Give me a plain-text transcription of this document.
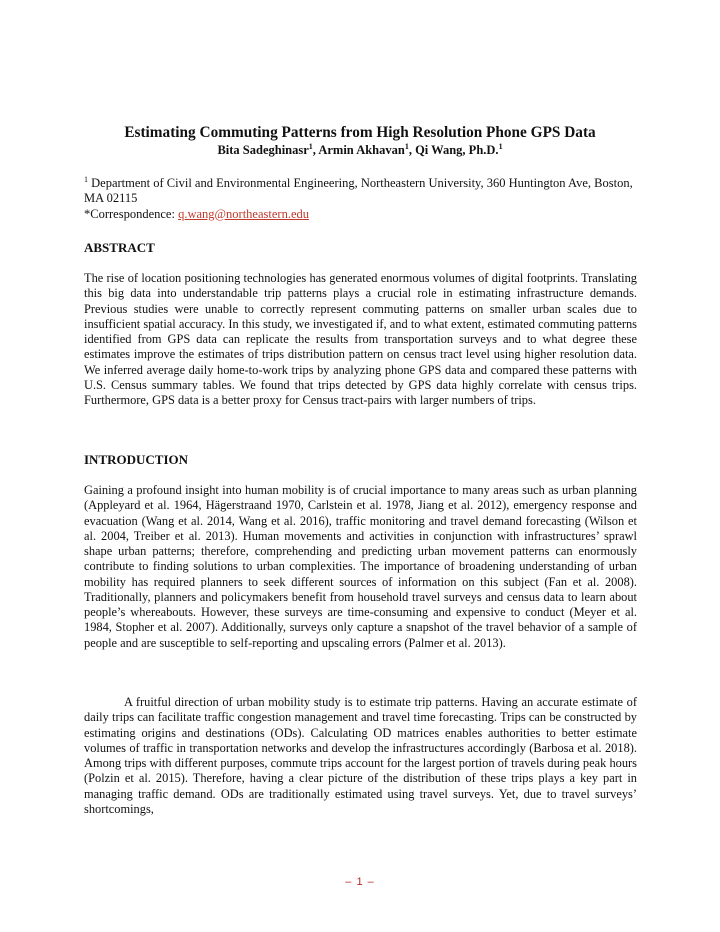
Estimating Commuting Patterns from High Resolution Phone GPS Data
Bita Sadeghinasr$^1$, Armin Akhavan$^1$, Qi Wang, Ph.D.$^1$
$^1$ Department of Civil and Environmental Engineering, Northeastern University, 360 Huntington Ave, Boston, MA 02115
*Correspondence: q.wang@northeastern.edu
ABSTRACT
The rise of location positioning technologies has generated enormous volumes of digital footprints. Translating this big data into understandable trip patterns plays a crucial role in estimating infrastructure demands. Previous studies were unable to correctly represent commuting patterns on smaller urban scales due to insufficient spatial accuracy. In this study, we investigated if, and to what extent, estimated commuting patterns identified from GPS data can replicate the results from transportation surveys and to what degree these estimates improve the estimates of trips distribution pattern on census tract level using higher resolution data. We inferred average daily home-to-work trips by analyzing phone GPS data and compared these patterns with U.S. Census summary tables. We found that trips detected by GPS data highly correlate with census trips. Furthermore, GPS data is a better proxy for Census tract-pairs with larger numbers of trips.
INTRODUCTION
Gaining a profound insight into human mobility is of crucial importance to many areas such as urban planning (Appleyard et al. 1964, Hägerstraand 1970, Carlstein et al. 1978, Jiang et al. 2012), emergency response and evacuation (Wang et al. 2014, Wang et al. 2016), traffic monitoring and travel demand forecasting (Wilson et al. 2004, Treiber et al. 2013). Human movements and activities in conjunction with infrastructures’ sprawl shape urban patterns; therefore, comprehending and predicting urban movement patterns can enormously contribute to finding solutions to urban complexities. The importance of broadening understanding of urban mobility has required planners to seek different sources of information on this subject (Fan et al. 2008). Traditionally, planners and policymakers benefit from household travel surveys and census data to learn about people’s whereabouts. However, these surveys are time-consuming and expensive to conduct (Meyer et al. 1984, Stopher et al. 2007). Additionally, surveys only capture a snapshot of the travel behavior of a sample of people and are susceptible to self-reporting and upscaling errors (Palmer et al. 2013).
A fruitful direction of urban mobility study is to estimate trip patterns. Having an accurate estimate of daily trips can facilitate traffic congestion management and travel time forecasting. Trips can be constructed by estimating origins and destinations (ODs). Calculating OD matrices enables authorities to better estimate volumes of traffic in transportation networks and develop the infrastructures accordingly (Barbosa et al. 2018). Among trips with different purposes, commute trips account for the largest portion of travels during peak hours (Polzin et al. 2015). Therefore, having a clear picture of the distribution of these trips plays a key part in managing traffic demand. ODs are traditionally estimated using travel surveys. Yet, due to travel surveys’ shortcomings,
– 1 –
